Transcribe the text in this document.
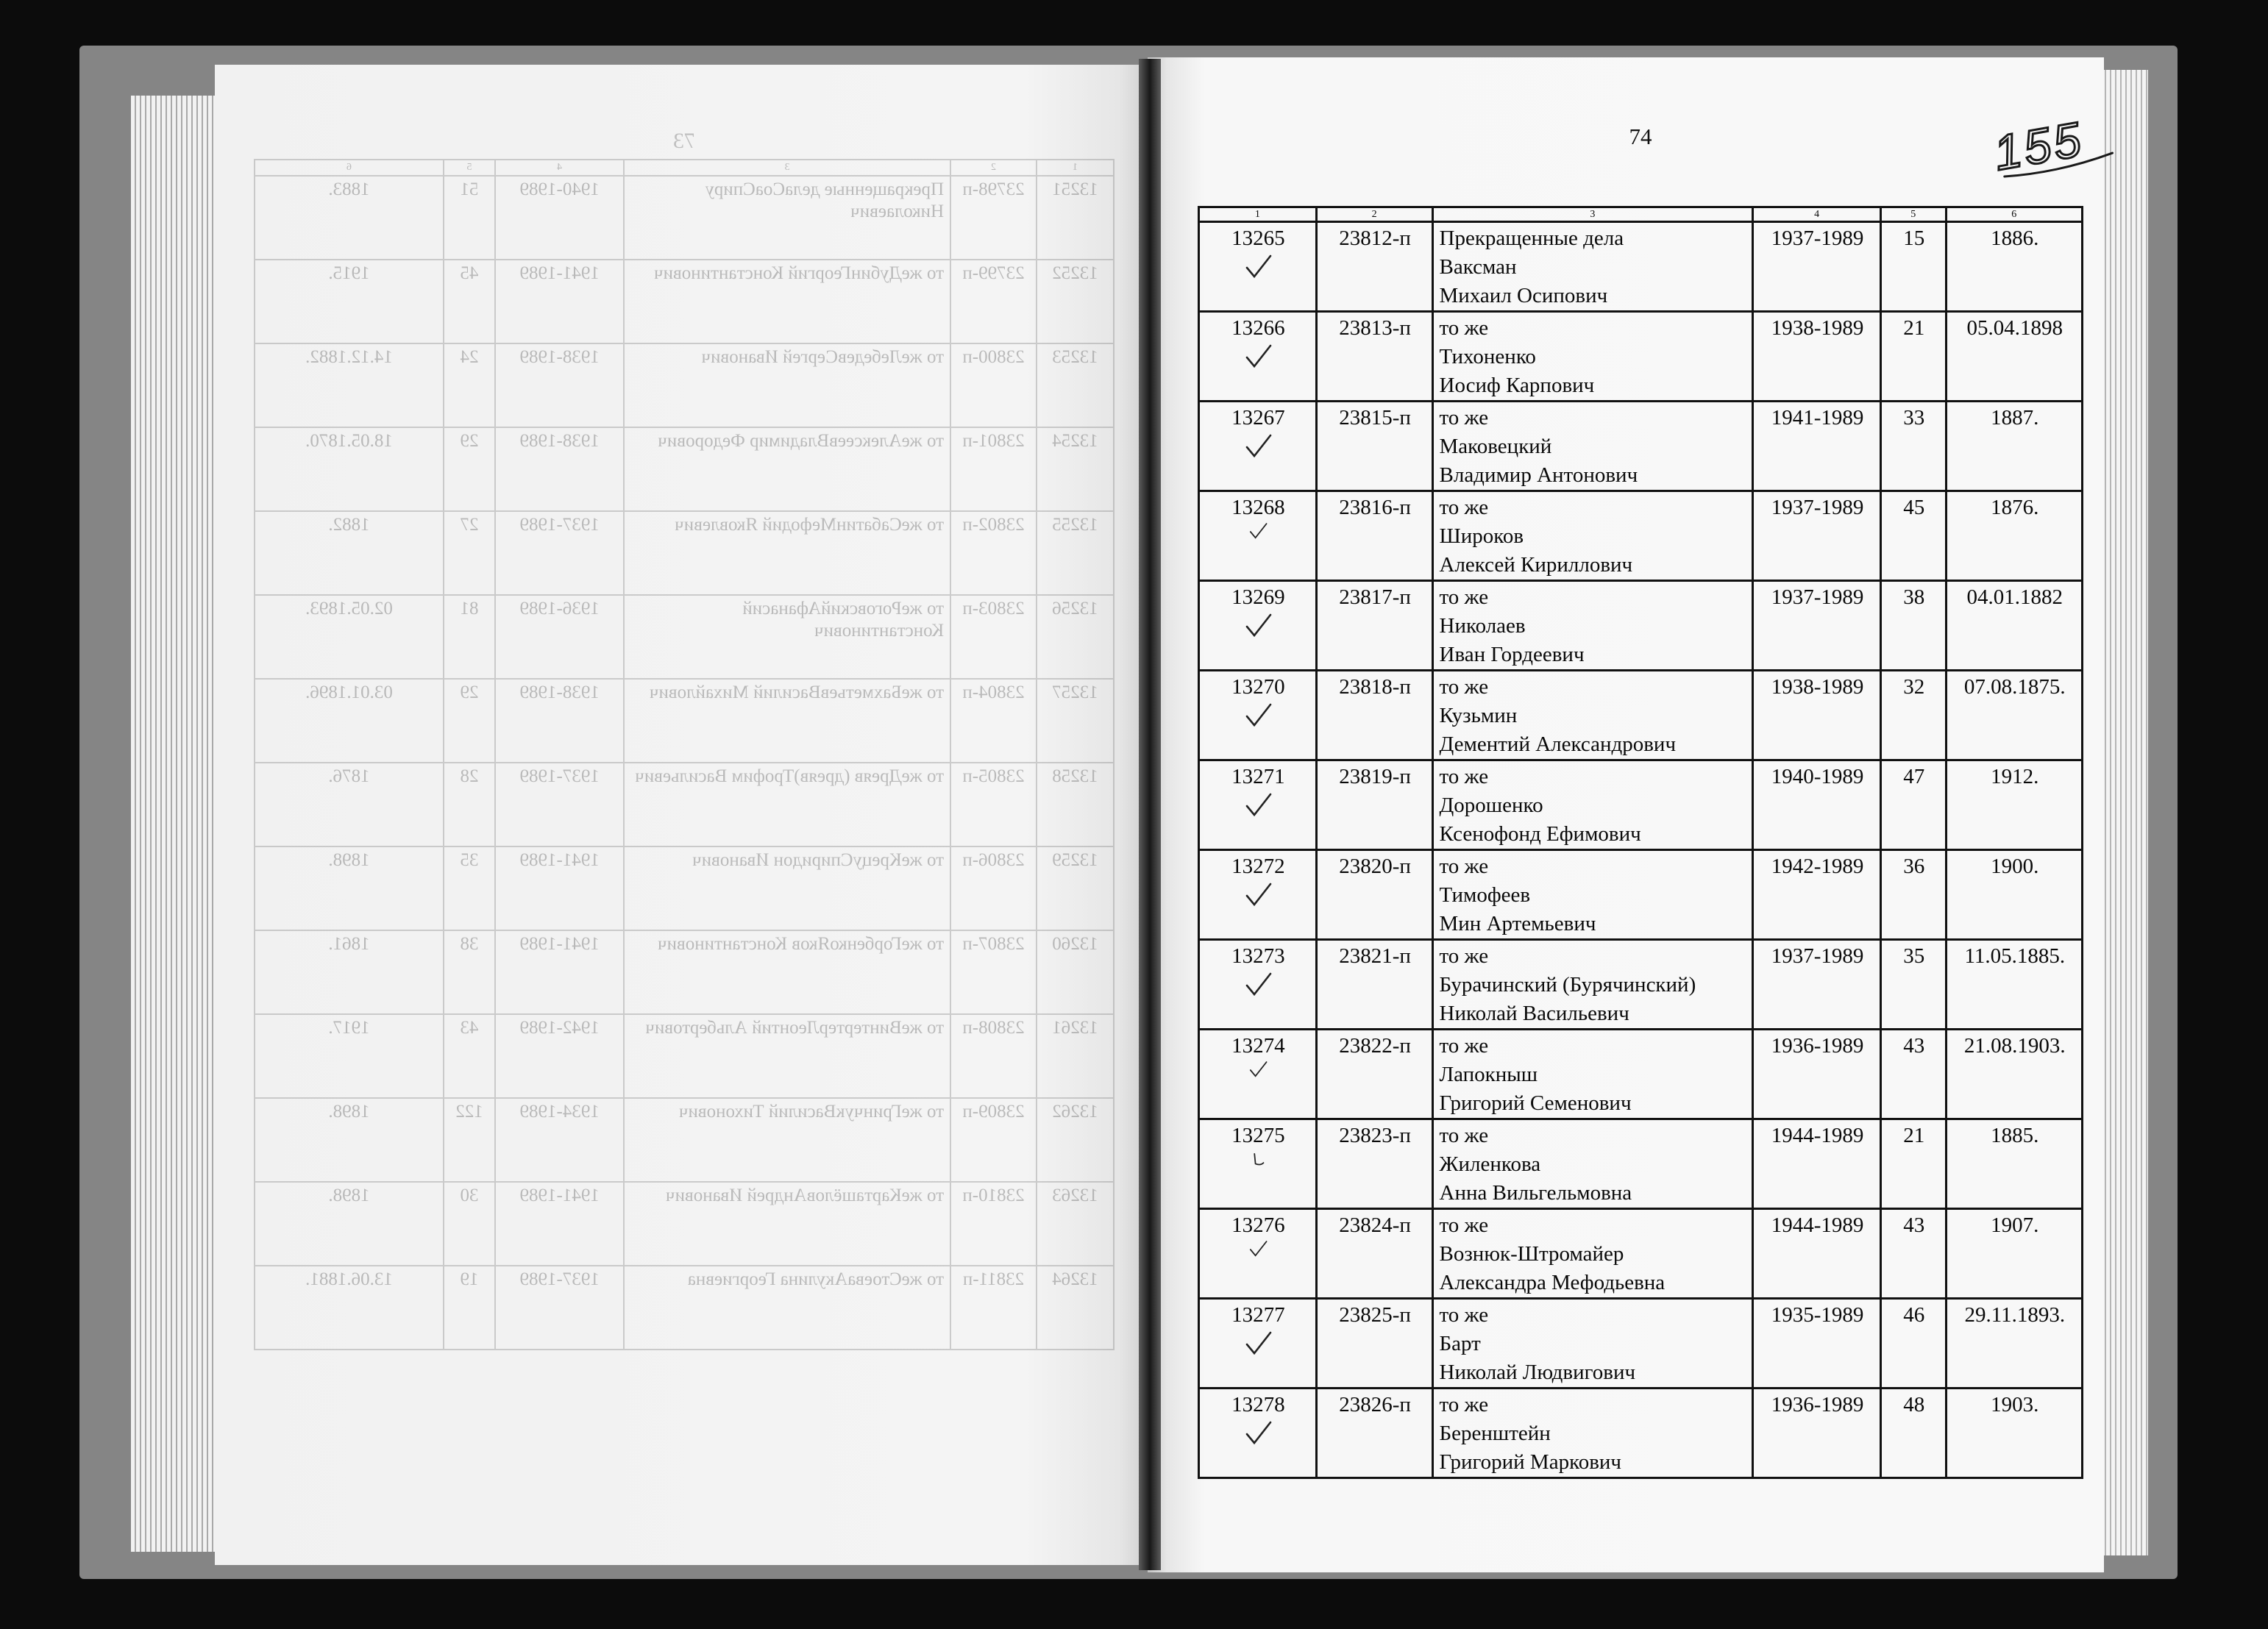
73
1	2	3	4	5	6
13251	23798-п	Прекращенные делаСоаСпиру Николаевич	1940-1989	51	1883.
13252	23799-п	то жеДубинГеоргий Константинович	1941-1989	45	1915.
13253	23800-п	то жеЛебедевСергей Иванович	1938-1989	24	14.12.1882.
13254	23801-п	то жеАлексеевВладимир Федорович	1938-1989	29	18.05.1870.
13255	23802-п	то жеСабатинМефодий Яковлевич	1937-1989	27	1882.
13256	23803-п	то жеРоговскийАфанасий Константинович	1936-1989	81	02.05.1893.
13257	23804-п	то жеБахметьевВасилий Михайлович	1938-1989	29	03.01.1896.
13258	23805-п	то жеДреяв (дреяв)Трофим Васильевич	1937-1989	28	1876.
13259	23806-п	то жеКрецуСпиридон Иванович	1941-1989	35	1898.
13260	23807-п	то жеГорбенкоЯков Константинович	1941-1989	38	1861.
13261	23808-п	то жеВинтертерЛеонтий Альбертович	1942-1989	43	1917.
13262	23809-п	то жеГринчукВасилий Тихонович	1934-1989	122	1898.
13263	23810-п	то жеКарташёловАндрей Иванович	1941-1989	30	1898.
13264	23811-п	то жеСтоеваАкулина Георгиевна	1937-1989	19	13.06.1881.
74	155
1	2	3	4	5	6

13265	23812-п	Прекращенные дела
Ваксман
Михаил Осипович	1937-1989	15	1886.

13266	23813-п	то же
Тихоненко
Иосиф Карпович	1938-1989	21	05.04.1898

13267	23815-п	то же
Маковецкий
Владимир Антонович	1941-1989	33	1887.

13268	23816-п	то же
Широков
Алексей Кириллович	1937-1989	45	1876.

13269	23817-п	то же
Николаев
Иван Гордеевич	1937-1989	38	04.01.1882

13270	23818-п	то же
Кузьмин
Дементий Александрович	1938-1989	32	07.08.1875.

13271	23819-п	то же
Дорошенко
Ксенофонд Ефимович	1940-1989	47	1912.

13272	23820-п	то же
Тимофеев
Мин Артемьевич	1942-1989	36	1900.

13273	23821-п	то же
Бурачинский (Бурячинский)
Николай Васильевич	1937-1989	35	11.05.1885.

13274	23822-п	то же
Лапокныш
Григорий Семенович	1936-1989	43	21.08.1903.

13275	23823-п	то же
Жиленкова
Анна Вильгельмовна	1944-1989	21	1885.

13276	23824-п	то же
Вознюк-Штромайер
Александра Мефодьевна	1944-1989	43	1907.

13277	23825-п	то же
Барт
Николай Людвигович	1935-1989	46	29.11.1893.

13278	23826-п	то же
Беренштейн
Григорий Маркович	1936-1989	48	1903.
